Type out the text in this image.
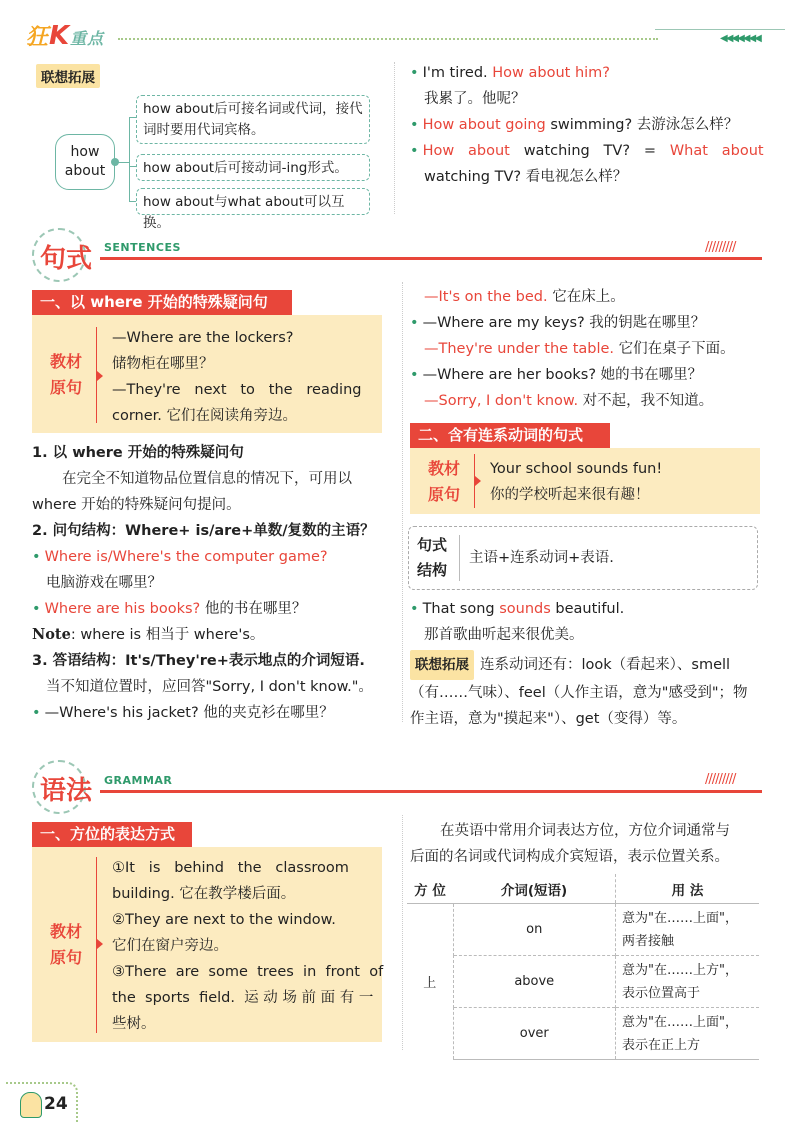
狂K重点	◀◀◀◀◀◀◀
联想拓展
how
about
how about后可接名词或代词，接代
词时要用代词宾格。
how about后可接动词-ing形式。
how about与what about可以互换。

• I'm tired. How about him?

我累了。他呢？

• How about going swimming? 去游泳怎么样？

• How   about   watching   TV?   =   What   about

watching TV? 看电视怎么样？

句式 SENTENCES	/////////
一、以 where 开始的特殊疑问句
教材
原句

—Where are the lockers?

储物柜在哪里？

—They're   next   to   the   reading

corner. 它们在阅读角旁边。

1. 以 where 开始的特殊疑问句

在完全不知道物品位置信息的情况下，可用以

where 开始的特殊疑问句提问。

2. 问句结构：Where+ is/are+单数/复数的主语？

• Where is/Where's the computer game?

电脑游戏在哪里？

• Where are his books? 他的书在哪里？

Note: where is 相当于 where's。

3. 答语结构：It's/They're+表示地点的介词短语.

当不知道位置时，应回答"Sorry, I don't know."。

• —Where's his jacket? 他的夹克衫在哪里？

—It's on the bed. 它在床上。

• —Where are my keys? 我的钥匙在哪里？

—They're under the table. 它们在桌子下面。

• —Where are her books? 她的书在哪里？

—Sorry, I don't know. 对不起，我不知道。

二、含有连系动词的句式
教材
原句

Your school sounds fun!

你的学校听起来很有趣！

句式
结构
主语+连系动词+表语.

• That song sounds beautiful.

那首歌曲听起来很优美。

联想拓展 连系动词还有：look（看起来）、smell

（有……气味）、feel（人作主语，意为"感受到"；物

作主语，意为"摸起来"）、get（变得）等。

语法 GRAMMAR	/////////
一、方位的表达方式
教材
原句

①It   is   behind   the   classroom

building. 它在教学楼后面。

②They are next to the window.

它们在窗户旁边。

③There  are  some  trees  in  front  of

the  sports  field.  运 动 场 前 面 有 一

些树。

在英语中常用介词表达方位，方位介词通常与

后面的名词或代词构成介宾短语，表示位置关系。

方 位	介词(短语)	用 法
上	on	意为"在……上面"，
两者接触

	above	意为"在……上方"，
表示位置高于

	over	意为"在……上面"，
表示在正上方
24
